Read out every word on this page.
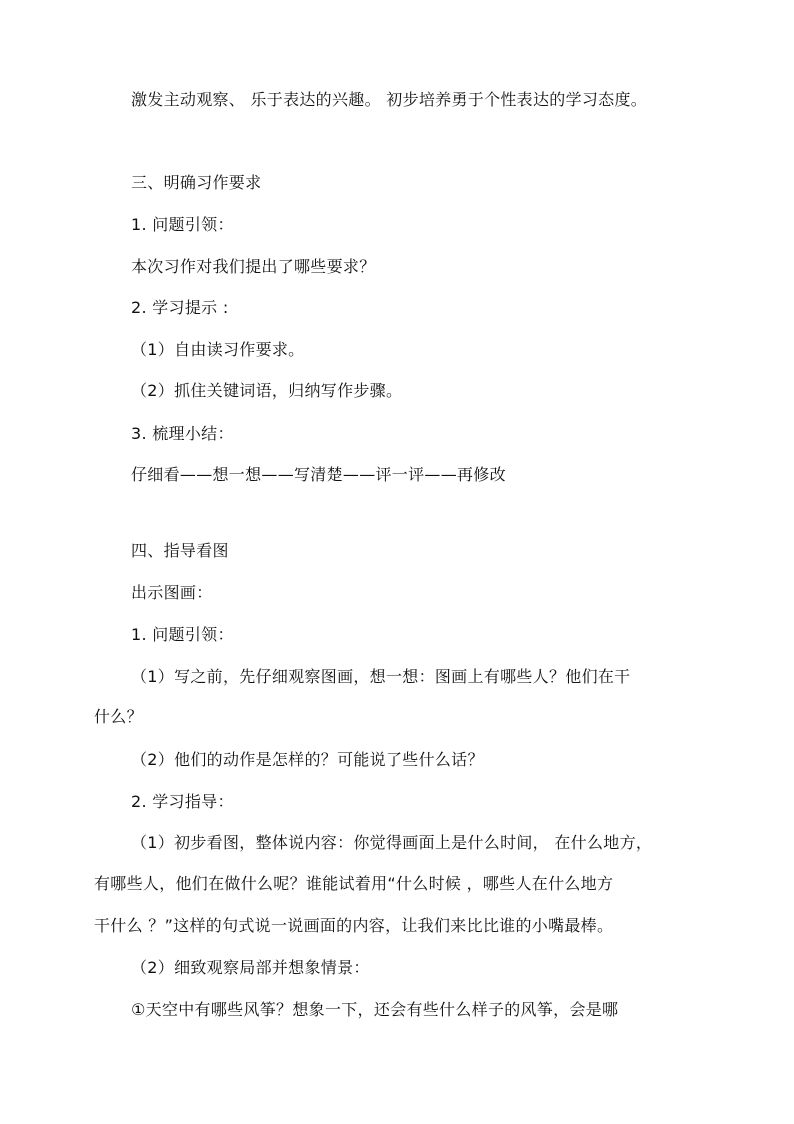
激发主动观察、 乐于表达的兴趣。 初步培养勇于个性表达的学习态度。
三、明确习作要求
1. 问题引领：
本次习作对我们提出了哪些要求？
2. 学习提示 :
（1）自由读习作要求。
（2）抓住关键词语，归纳写作步骤。
3. 梳理小结：
仔细看——想一想——写清楚——评一评——再修改
四、指导看图
出示图画：
1. 问题引领：
（1）写之前，先仔细观察图画，想一想：图画上有哪些人？他们在干
什么？
（2）他们的动作是怎样的？可能说了些什么话？
2. 学习指导：
（1）初步看图，整体说内容：你觉得画面上是什么时间， 在什么地方，
有哪些人，他们在做什么呢？谁能试着用“什么时候 ，哪些人在什么地方
干什么 ？”这样的句式说一说画面的内容，让我们来比比谁的小嘴最棒。
（2）细致观察局部并想象情景：
①天空中有哪些风筝？想象一下，还会有些什么样子的风筝，会是哪
